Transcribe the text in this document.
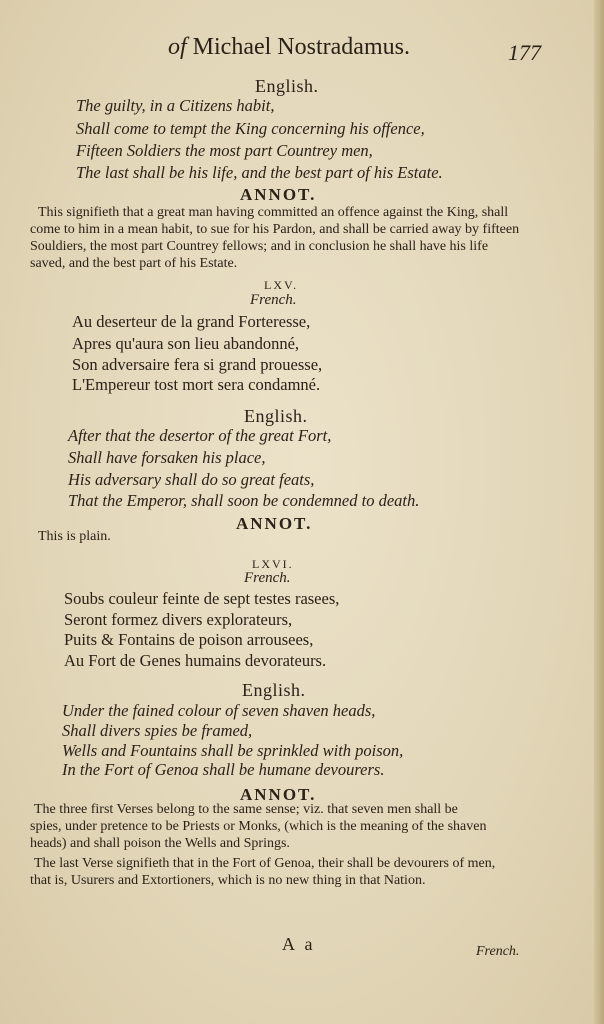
of Michael Nostradamus.	177
English.
The guilty, in a Citizens habit,
Shall come to tempt the King concerning his offence,
Fifteen Soldiers the most part Countrey men,
The last shall be his life, and the best part of his Estate.
ANNOT.
This signifieth that a great man having committed an offence against the King, shall
come to him in a mean habit, to sue for his Pardon, and shall be carried away by fifteen
Souldiers, the most part Countrey fellows; and in conclusion he shall have his life
saved, and the best part of his Estate.
LXV.
French.
Au deserteur de la grand Forteresse,
Apres qu'aura son lieu abandonné,
Son adversaire fera si grand prouesse,
L'Empereur tost mort sera condamné.
English.
After that the desertor of the great Fort,
Shall have forsaken his place,
His adversary shall do so great feats,
That the Emperor, shall soon be condemned to death.
ANNOT.
This is plain.
LXVI.
French.
Soubs couleur feinte de sept testes rasees,
Seront formez divers explorateurs,
Puits & Fontains de poison arrousees,
Au Fort de Genes humains devorateurs.
English.
Under the fained colour of seven shaven heads,
Shall divers spies be framed,
Wells and Fountains shall be sprinkled with poison,
In the Fort of Genoa shall be humane devourers.
ANNOT.
The three first Verses belong to the same sense; viz. that seven men shall be
spies, under pretence to be Priests or Monks, (which is the meaning of the shaven
heads) and shall poison the Wells and Springs.
The last Verse signifieth that in the Fort of Genoa, their shall be devourers of men,
that is, Usurers and Extortioners, which is no new thing in that Nation.
A a	French.
